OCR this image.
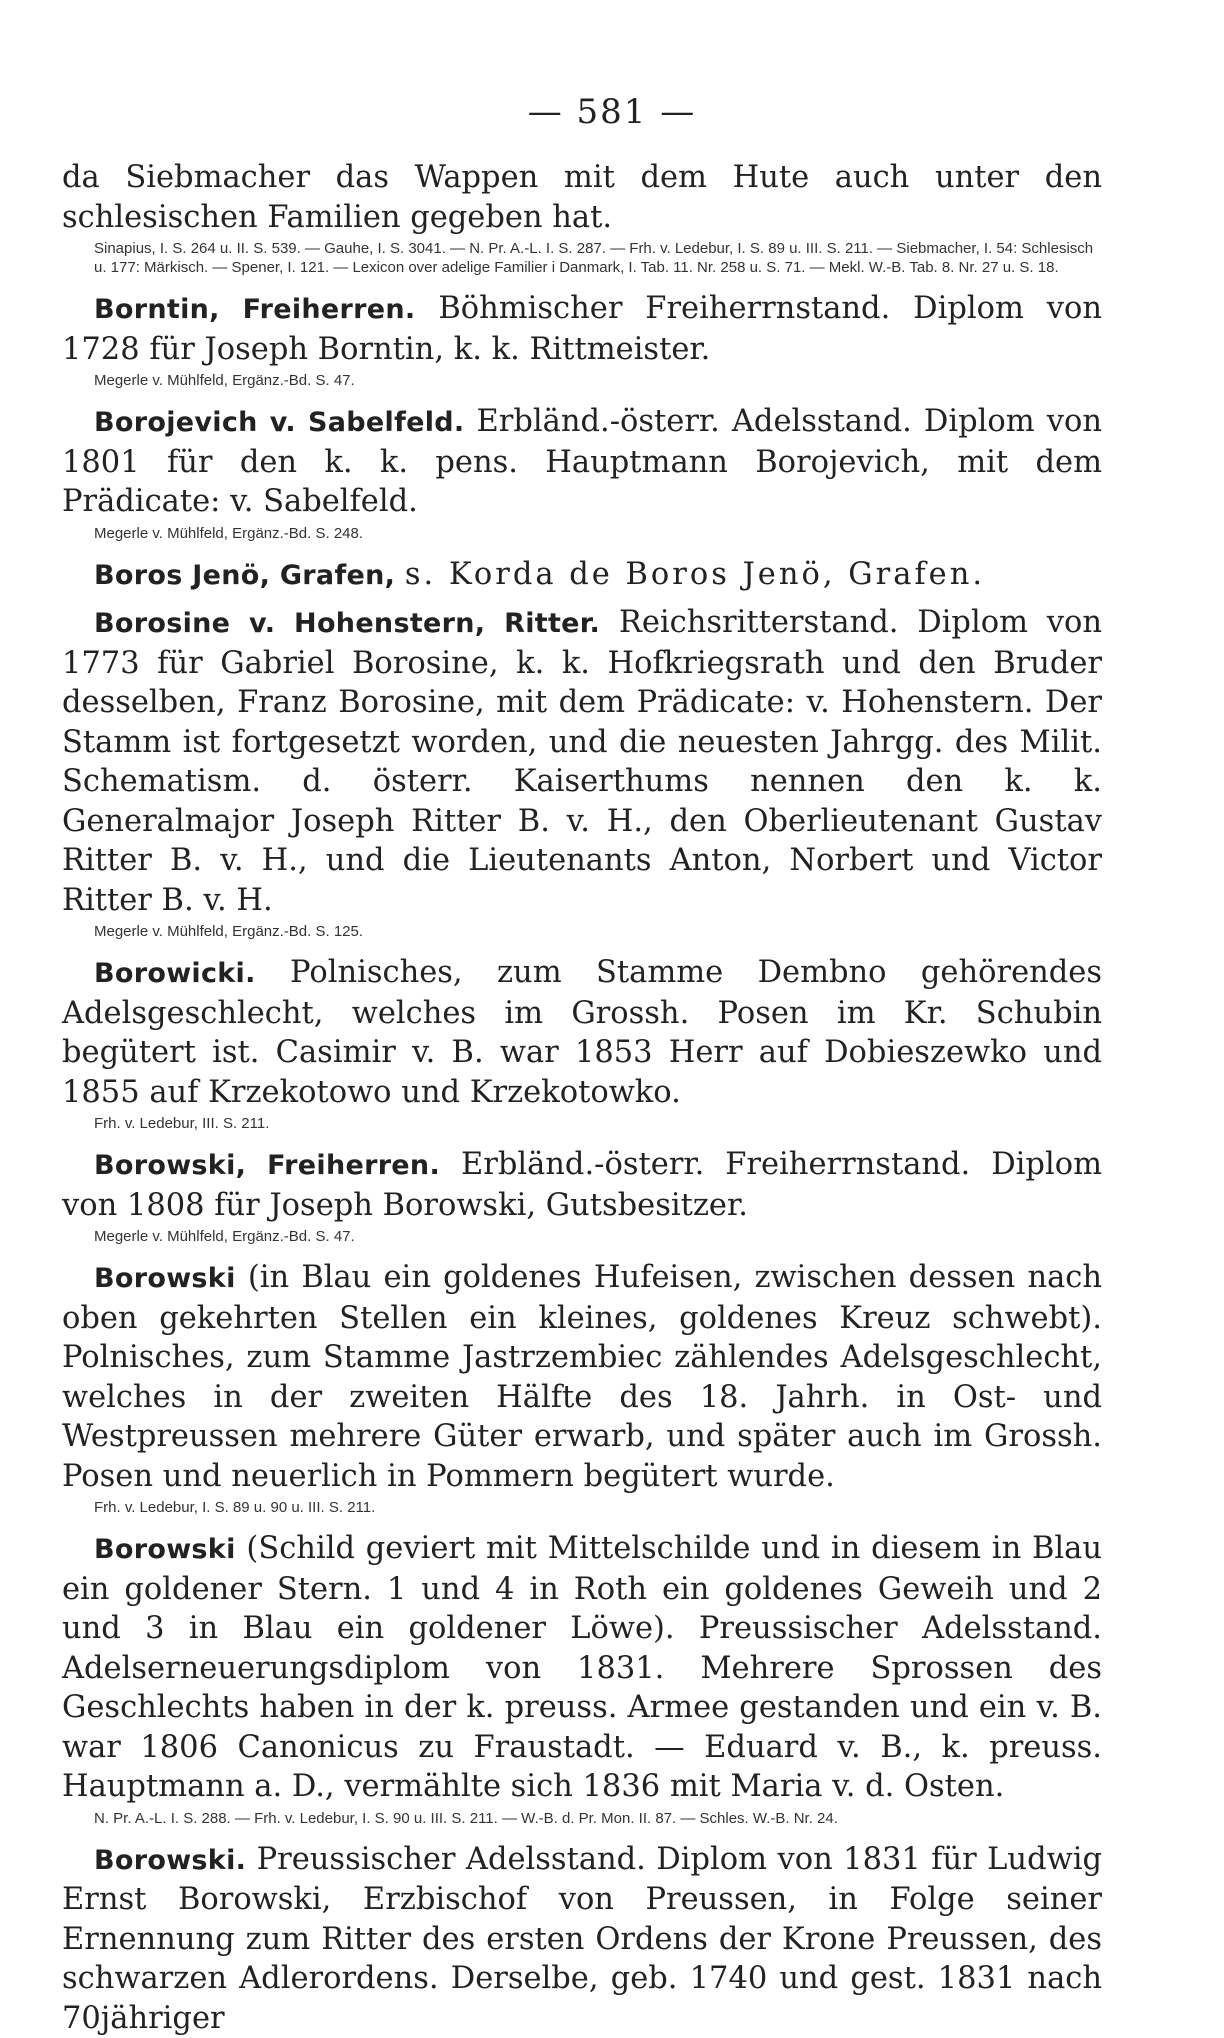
— 581 —

da Siebmacher das Wappen mit dem Hute auch unter den schlesischen Familien gegeben hat.

Sinapius, I. S. 264 u. II. S. 539. — Gauhe, I. S. 3041. — N. Pr. A.-L. I. S. 287. — Frh. v. Ledebur, I. S. 89 u. III. S. 211. — Siebmacher, I. 54: Schlesisch u. 177: Märkisch. — Spener, I. 121. — Lexicon over adelige Familier i Danmark, I. Tab. 11. Nr. 258 u. S. 71. — Mekl. W.-B. Tab. 8. Nr. 27 u. S. 18.

Borntin, Freiherren. Böhmischer Freiherrnstand. Diplom von 1728 für Joseph Borntin, k. k. Rittmeister.

Megerle v. Mühlfeld, Ergänz.-Bd. S. 47.

Borojevich v. Sabelfeld. Erbländ.-österr. Adelsstand. Diplom von 1801 für den k. k. pens. Hauptmann Borojevich, mit dem Prädicate: v. Sabelfeld.

Megerle v. Mühlfeld, Ergänz.-Bd. S. 248.

Boros Jenö, Grafen, s. Korda de Boros Jenö, Grafen.

Borosine v. Hohenstern, Ritter. Reichsritterstand. Diplom von 1773 für Gabriel Borosine, k. k. Hofkriegsrath und den Bruder desselben, Franz Borosine, mit dem Prädicate: v. Hohenstern. Der Stamm ist fortgesetzt worden, und die neuesten Jahrgg. des Milit. Schematism. d. österr. Kaiserthums nennen den k. k. Generalmajor Joseph Ritter B. v. H., den Oberlieutenant Gustav Ritter B. v. H., und die Lieutenants Anton, Norbert und Victor Ritter B. v. H.

Megerle v. Mühlfeld, Ergänz.-Bd. S. 125.

Borowicki. Polnisches, zum Stamme Dembno gehörendes Adelsgeschlecht, welches im Grossh. Posen im Kr. Schubin begütert ist. Casimir v. B. war 1853 Herr auf Dobieszewko und 1855 auf Krzekotowo und Krzekotowko.

Frh. v. Ledebur, III. S. 211.

Borowski, Freiherren. Erbländ.-österr. Freiherrnstand. Diplom von 1808 für Joseph Borowski, Gutsbesitzer.

Megerle v. Mühlfeld, Ergänz.-Bd. S. 47.

Borowski (in Blau ein goldenes Hufeisen, zwischen dessen nach oben gekehrten Stellen ein kleines, goldenes Kreuz schwebt). Polnisches, zum Stamme Jastrzembiec zählendes Adelsgeschlecht, welches in der zweiten Hälfte des 18. Jahrh. in Ost- und Westpreussen mehrere Güter erwarb, und später auch im Grossh. Posen und neuerlich in Pommern begütert wurde.

Frh. v. Ledebur, I. S. 89 u. 90 u. III. S. 211.

Borowski (Schild geviert mit Mittelschilde und in diesem in Blau ein goldener Stern. 1 und 4 in Roth ein goldenes Geweih und 2 und 3 in Blau ein goldener Löwe). Preussischer Adelsstand. Adelserneuerungsdiplom von 1831. Mehrere Sprossen des Geschlechts haben in der k. preuss. Armee gestanden und ein v. B. war 1806 Canonicus zu Fraustadt. — Eduard v. B., k. preuss. Hauptmann a. D., vermählte sich 1836 mit Maria v. d. Osten.

N. Pr. A.-L. I. S. 288. — Frh. v. Ledebur, I. S. 90 u. III. S. 211. — W.-B. d. Pr. Mon. II. 87. — Schles. W.-B. Nr. 24.

Borowski. Preussischer Adelsstand. Diplom von 1831 für Ludwig Ernst Borowski, Erzbischof von Preussen, in Folge seiner Ernennung zum Ritter des ersten Ordens der Krone Preussen, des schwarzen Adlerordens. Derselbe, geb. 1740 und gest. 1831 nach 70jähriger
